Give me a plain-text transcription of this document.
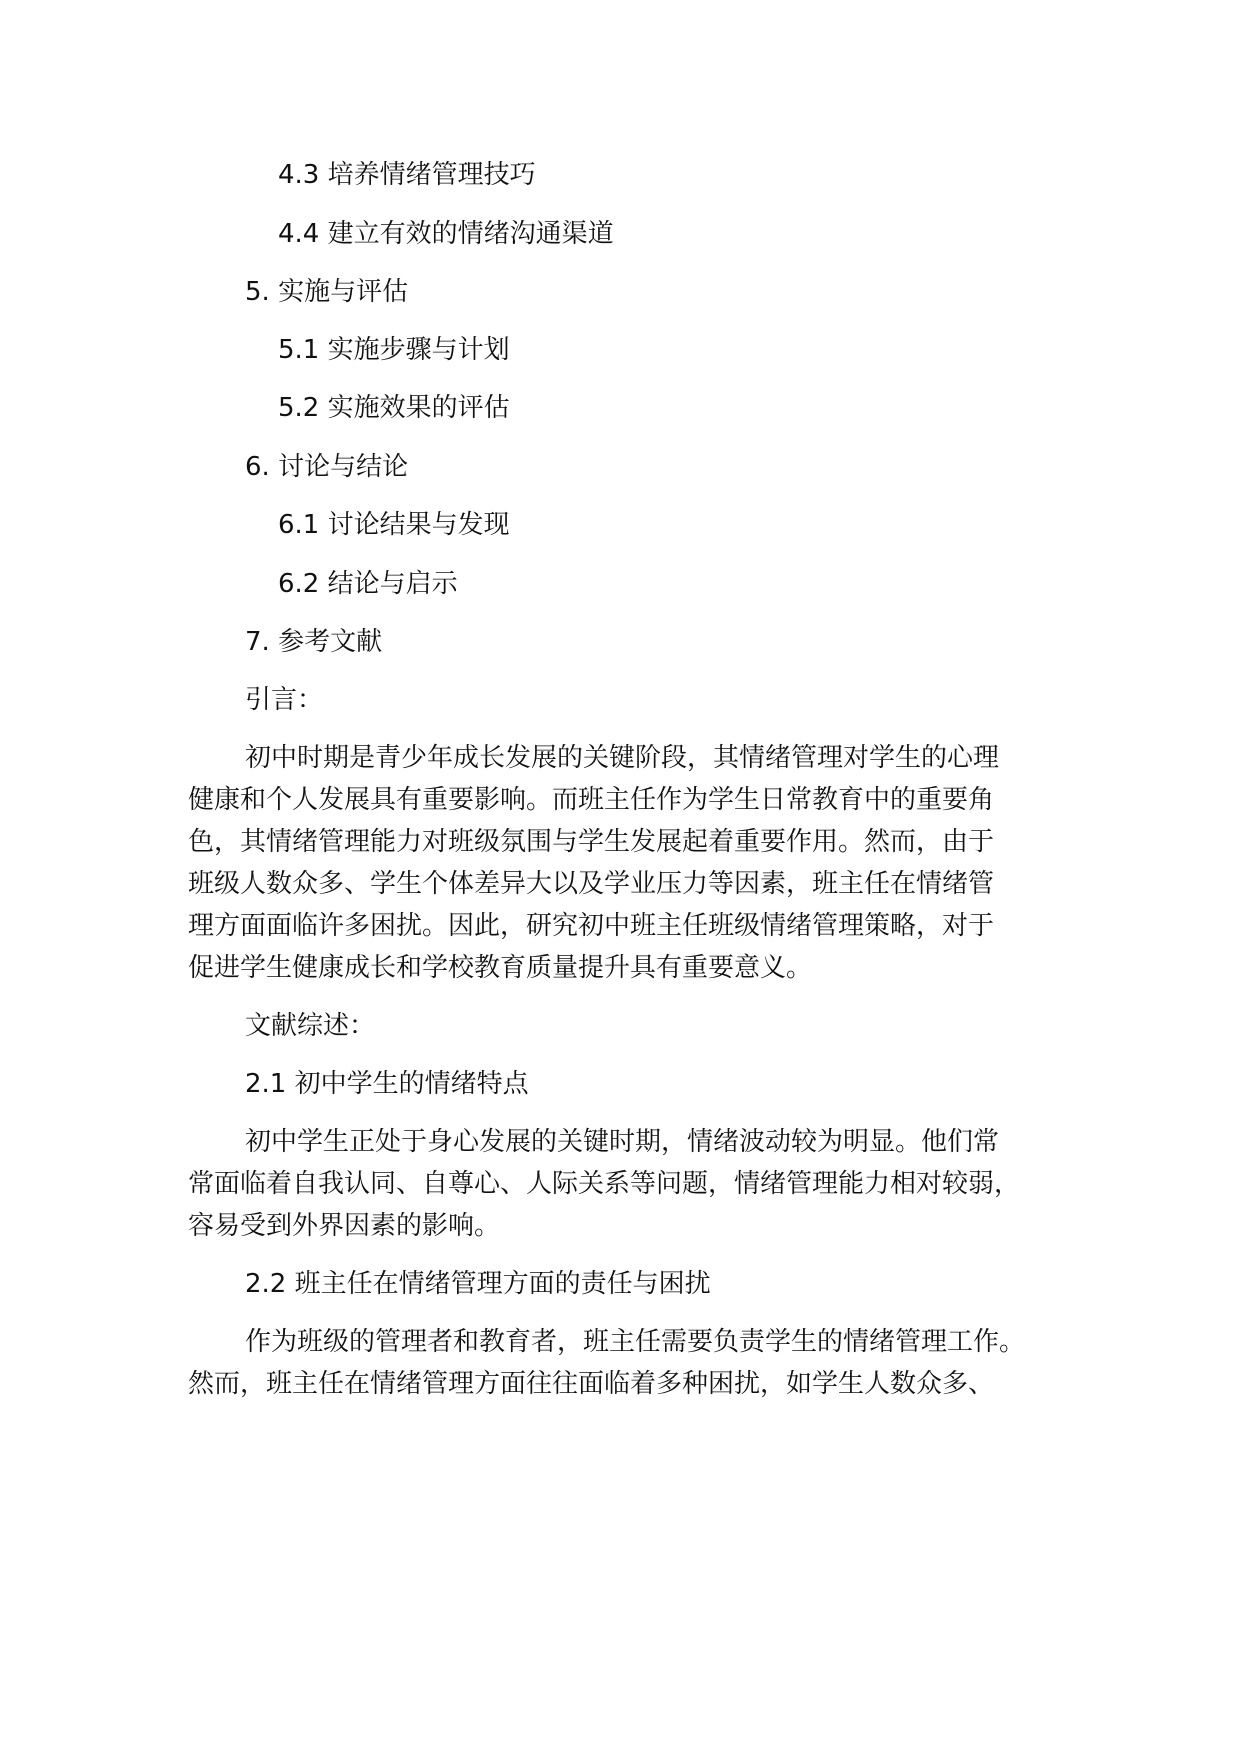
4.3 培养情绪管理技巧
4.4 建立有效的情绪沟通渠道
5. 实施与评估
5.1 实施步骤与计划
5.2 实施效果的评估
6. 讨论与结论
6.1 讨论结果与发现
6.2 结论与启示
7. 参考文献
引言：
初中时期是青少年成长发展的关键阶段，其情绪管理对学生的心理
健康和个人发展具有重要影响。而班主任作为学生日常教育中的重要角
色，其情绪管理能力对班级氛围与学生发展起着重要作用。然而，由于
班级人数众多、学生个体差异大以及学业压力等因素，班主任在情绪管
理方面面临许多困扰。因此，研究初中班主任班级情绪管理策略，对于
促进学生健康成长和学校教育质量提升具有重要意义。
文献综述：
2.1 初中学生的情绪特点
初中学生正处于身心发展的关键时期，情绪波动较为明显。他们常
常面临着自我认同、自尊心、人际关系等问题，情绪管理能力相对较弱，
容易受到外界因素的影响。
2.2 班主任在情绪管理方面的责任与困扰
作为班级的管理者和教育者，班主任需要负责学生的情绪管理工作。
然而，班主任在情绪管理方面往往面临着多种困扰，如学生人数众多、
